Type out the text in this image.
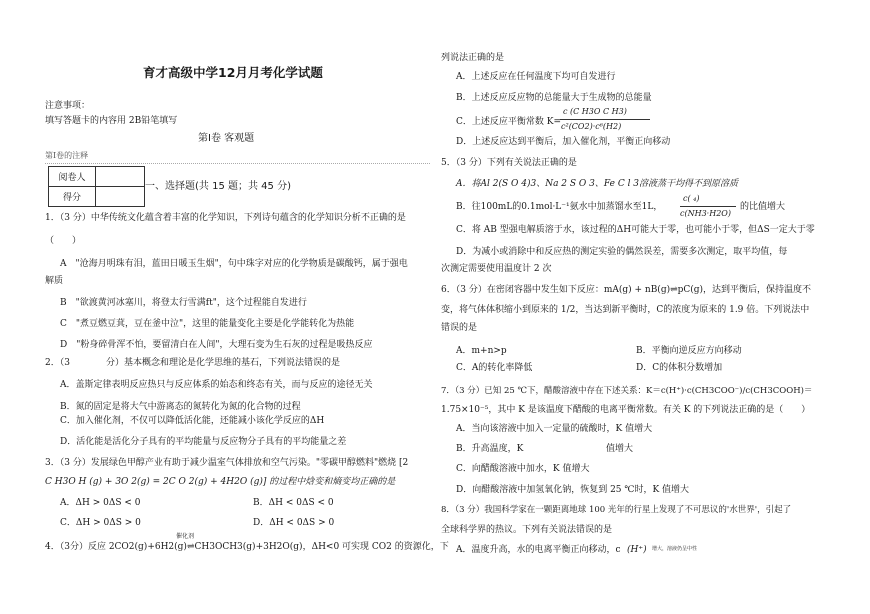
育才高级中学12月月考化学试题
注意事项：
填写答题卡的内容用 2B铅笔填写
第Ⅰ卷 客观题
第Ⅰ卷的注释
阅卷人	
得分	
一、选择题(共 15 题；共 45 分)
1．（3 分）中华传统文化蕴含着丰富的化学知识，下列诗句蕴含的化学知识分析不正确的是
（　　）
A　"沧海月明珠有泪，蓝田日暖玉生烟"，句中珠字对应的化学物质是碳酸钙，属于强电
解质
B　"欲渡黄河冰塞川，将登太行雪满ft"，这个过程能自发进行
C　"煮豆燃豆萁，豆在釜中泣"，这里的能量变化主要是化学能转化为热能
D　"粉身碎骨浑不怕，要留清白在人间"，大理石变为生石灰的过程是吸热反应
2．（3　　　　分）基本概念和理论是化学思维的基石，下列说法错误的是
A．盖斯定律表明反应热只与反应体系的始态和终态有关，而与反应的途径无关
B．氮的固定是将大气中游离态的氮转化为氮的化合物的过程
C．加入催化剂，不仅可以降低活化能，还能减小该化学反应的ΔH
D．活化能是活化分子具有的平均能量与反应物分子具有的平均能量之差
3．（3 分）发展绿色甲醇产业有助于减少温室气体排放和空气污染。"零碳甲醇燃料"燃烧 [2
C H3O H (g) + 3O 2(g) = 2C O 2(g) + 4H2O (g)] 的过程中焓变和熵变均正确的是
A．ΔH > 0ΔS < 0	B．ΔH < 0ΔS < 0
C．ΔH > 0ΔS > 0	D．ΔH < 0ΔS > 0
4．（3分）反应 2CO2(g)+6H2(g)⇌CH3OCH3(g)+3H2O(g)，ΔH<0 可实现 CO2 的资源化，下
催化剂
列说法正确的是
A．上述反应在任何温度下均可自发进行
B．上述反应反应物的总能量大于生成物的总能量
C．上述反应平衡常数 K=
c (C H3O C H3)
c²(CO2)·c⁶(H2)
D．上述反应达到平衡后，加入催化剂，平衡正向移动
5．（3 分）下列有关说法正确的是
A．将Al 2(S O 4)3、Na 2 S O 3、Fe C l 3溶液蒸干均得不到原溶质
B．往100mL的0.1mol·L⁻¹氨水中加蒸馏水至1L，
c( ₄)
c(NH3·H2O)
的比值增大
C．将 AB 型强电解质溶于水，该过程的ΔH可能大于零，也可能小于零，但ΔS一定大于零
D．为减小或消除中和反应热的测定实验的偶然误差，需要多次测定，取平均值，每
次测定需要使用温度计 2 次
6．（3 分）在密闭容器中发生如下反应：mA(g) + nB(g)⇌pC(g)，达到平衡后，保持温度不
变，将气体体积缩小到原来的 1/2，当达到新平衡时，C的浓度为原来的 1.9 倍。下列说法中
错误的是
A．m+n>p	B．平衡向逆反应方向移动
C．A的转化率降低	D．C的体积分数增加
7．（3 分）已知 25 ℃下，醋酸溶液中存在下述关系：K＝c(H⁺)·c(CH3COO⁻)/c(CH3COOH)＝
1.75×10⁻⁵，其中 K 是该温度下醋酸的电离平衡常数。有关 K 的下列说法正确的是（　　）
A．当向该溶液中加入一定量的硫酸时，K 值增大
B．升高温度，K	值增大
C．向醋酸溶液中加水，K 值增大
D．向醋酸溶液中加氢氧化钠，恢复到 25 ℃时，K 值增大
8．（3 分）我国科学家在一颗距离地球 100 光年的行星上发现了不可思议的'水世界'，引起了
全球科学界的热议。下列有关说法错误的是
A．温度升高，水的电离平衡正向移动，c (H⁺) 增大，溶液仍呈中性
